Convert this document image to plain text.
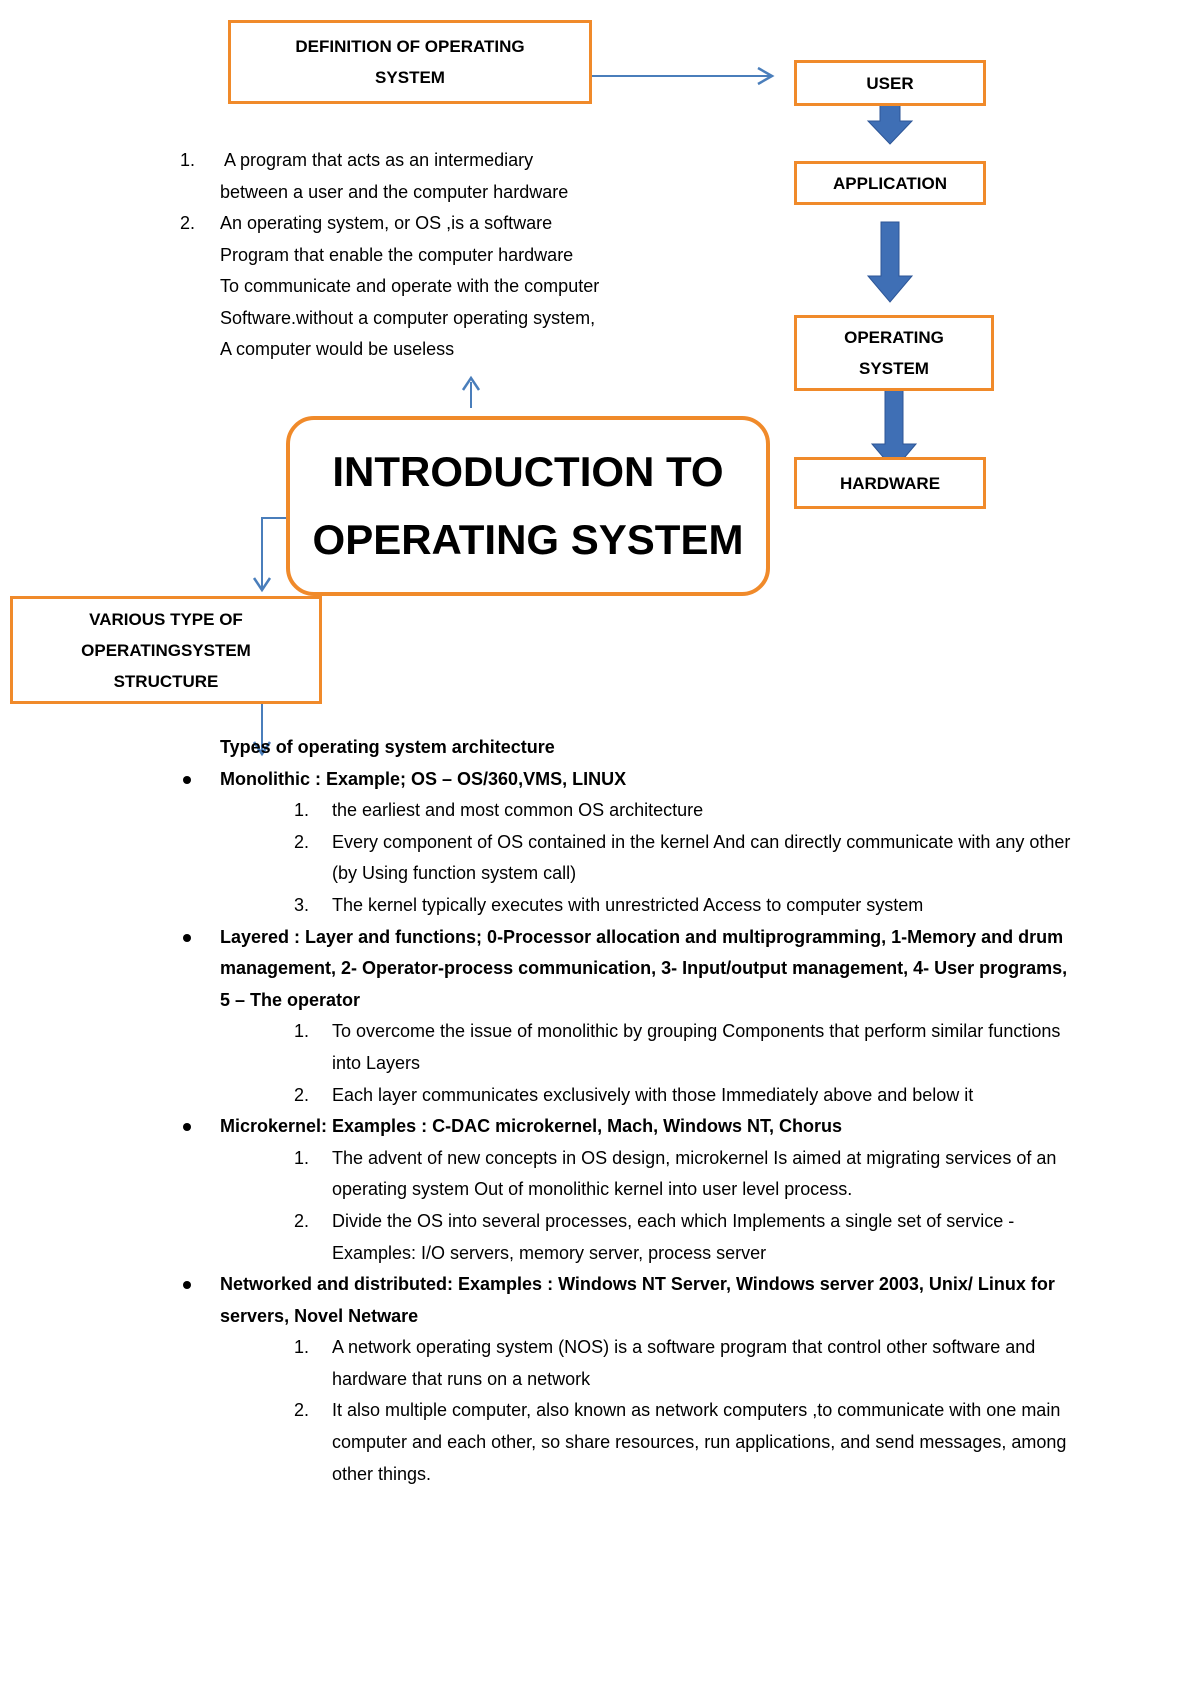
DEFINITION OF OPERATING
SYSTEM	USER
APPLICATION
OPERATING
SYSTEM
HARDWARE
INTRODUCTION TO
OPERATING SYSTEM
VARIOUS TYPE OF
OPERATINGSYSTEM
STRUCTURE
1. A program that acts as an intermediary
between a user and the computer hardware
2. An operating system, or OS ,is a software
Program that enable the computer hardware
To communicate and operate with the computer
Software.without a computer operating system,
A computer would be useless
Types of operating system architecture
Monolithic : Example; OS – OS/360,VMS, LINUX
1. the earliest and most common OS architecture
2. Every component of OS contained in the kernel And can directly communicate with any other (by Using function system call)
3. The kernel typically executes with unrestricted Access to computer system
Layered : Layer and functions; 0-Processor allocation and multiprogramming, 1-Memory and drum management, 2- Operator-process communication, 3- Input/output management, 4- User programs, 5 – The operator
1. To overcome the issue of monolithic by grouping Components that perform similar functions into Layers
2. Each layer communicates exclusively with those Immediately above and below it
Microkernel: Examples : C-DAC microkernel, Mach, Windows NT, Chorus
1. The advent of new concepts in OS design, microkernel Is aimed at migrating services of an operating system Out of monolithic kernel into user level process.
2. Divide the OS into several processes, each which Implements a single set of service -Examples: I/O servers, memory server, process server
Networked and distributed: Examples : Windows NT Server, Windows server 2003, Unix/ Linux for servers, Novel Netware
1. A network operating system (NOS) is a software program that control other software and hardware that runs on a network
2. It also multiple computer, also known as network computers ,to communicate with one main computer and each other, so share resources, run applications, and send messages, among other things.
